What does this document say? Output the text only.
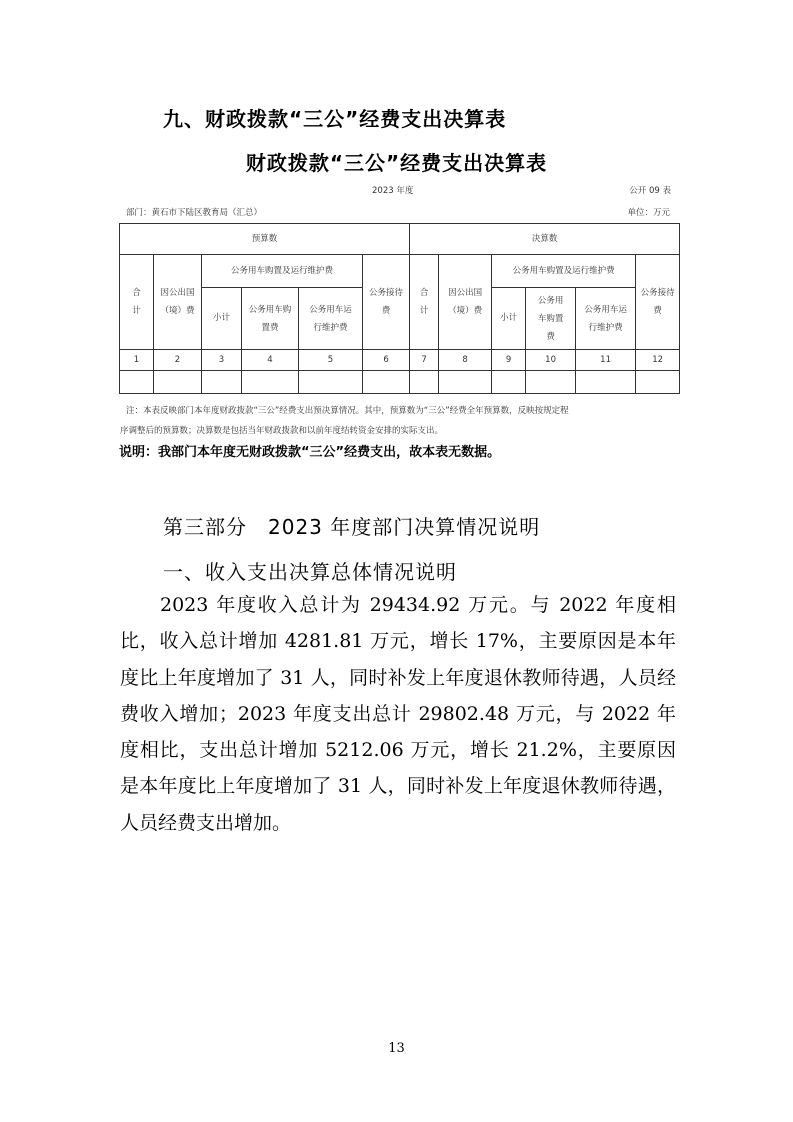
九、财政拨款“三公”经费支出决算表
财政拨款“三公”经费支出决算表
2023 年度	公开 09 表
部门：黄石市下陆区教育局（汇总）	单位：万元
预算数						决算数					

合计	因公出国（境）费	公务用车购置及运行维护费			公务接待费	合计	因公出国（境）费	公务用车购置及运行维护费			公务接待费

		小计	公务用车购置费	公务用车运行维护费				小计	公务用车购置费	公务用车运行维护费	

1	2	3	4	5	6	7	8	9	10	11	12

注：本表反映部门本年度财政拨款“三公”经费支出预决算情况。其中，预算数为“三公”经费全年预算数，反映按规定程
序调整后的预算数；决算数是包括当年财政拨款和以前年度结转资金安排的实际支出。
说明：我部门本年度无财政拨款“三公”经费支出，故本表无数据。
第三部分　2023 年度部门决算情况说明
一、收入支出决算总体情况说明
2023 年度收入总计为 29434.92 万元。与 2022 年度相比，收入总计增加 4281.81 万元，增长 17%，主要原因是本年度比上年度增加了 31 人，同时补发上年度退休教师待遇，人员经费收入增加；2023 年度支出总计 29802.48 万元，与 2022 年度相比，支出总计增加 5212.06 万元，增长 21.2%，主要原因是本年度比上年度增加了 31 人，同时补发上年度退休教师待遇，人员经费支出增加。
13
